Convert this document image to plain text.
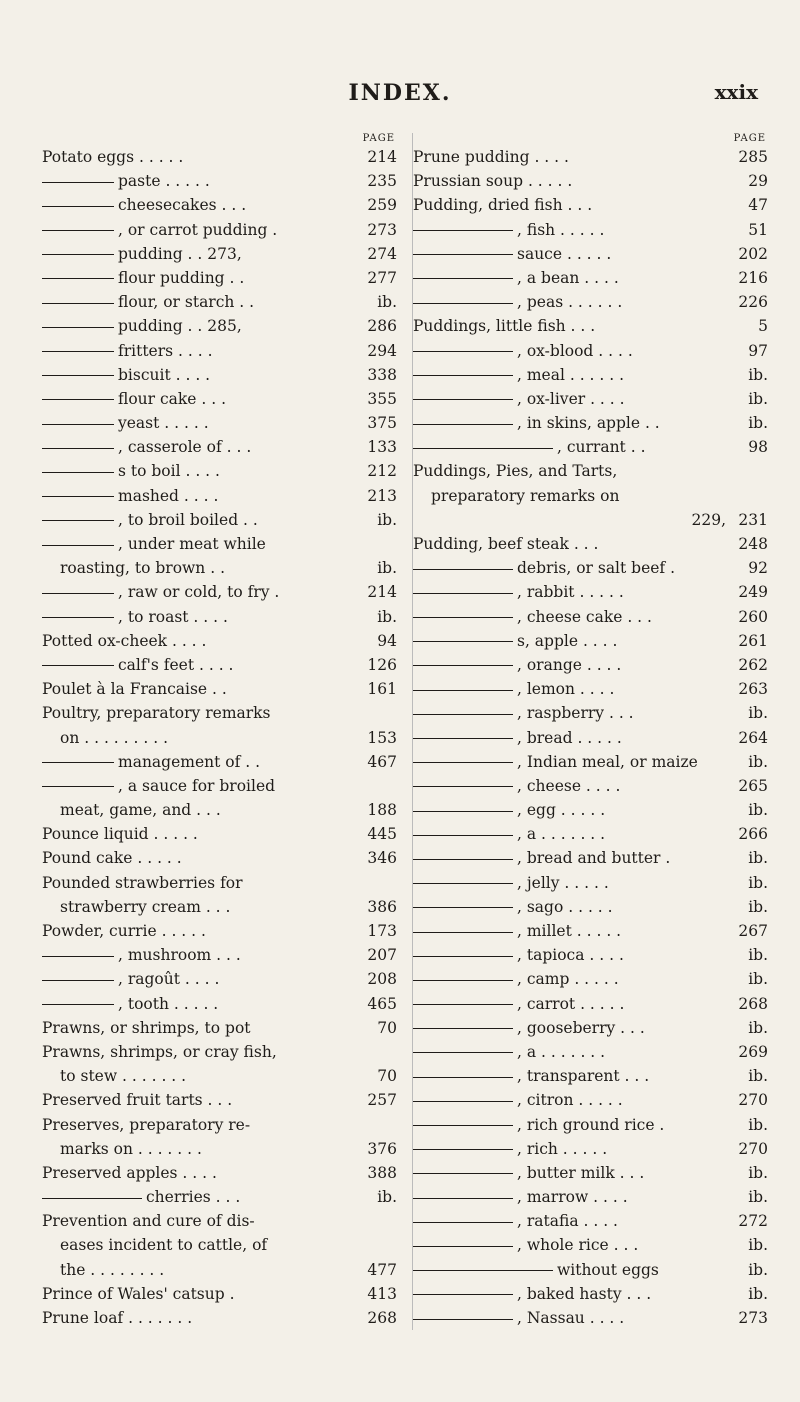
INDEX.	xxix
PAGE
Potato eggs . . . . .	214
paste . . . . .	235
cheesecakes . . .	259
, or carrot pudding .	273
pudding . . 273,	274
flour pudding . .	277
flour, or starch . .	ib.
pudding . . 285,	286
fritters . . . .	294
biscuit . . . .	338
flour cake . . .	355
yeast . . . . .	375
, casserole of . . .	133
s to boil . . . .	212
mashed . . . .	213
, to broil boiled . .	ib.
, under meat while
roasting, to brown . .	ib.
, raw or cold, to fry .	214
, to roast . . . .	ib.
Potted ox-cheek . . . .	94
calf's feet . . . .	126
Poulet à la Francaise . .	161
Poultry, preparatory remarks
on . . . . . . . . .	153
management of . .	467
, a sauce for broiled
meat, game, and . . .	188
Pounce liquid . . . . .	445
Pound cake . . . . .	346
Pounded strawberries for
strawberry cream . . .	386
Powder, currie . . . . .	173
, mushroom . . .	207
, ragoût . . . .	208
, tooth . . . . .	465
Prawns, or shrimps, to pot	70
Prawns, shrimps, or cray fish,
to stew . . . . . . .	70
Preserved fruit tarts . . .	257
Preserves, preparatory re-
marks on . . . . . . .	376
Preserved apples . . . .	388
cherries . . .	ib.
Prevention and cure of dis-
eases incident to cattle, of
the . . . . . . . .	477
Prince of Wales' catsup .	413
Prune loaf . . . . . . .	268
PAGE
Prune pudding . . . .	285
Prussian soup . . . . .	29
Pudding, dried fish . . .	47
, fish . . . . .	51
sauce . . . . .	202
, a bean . . . .	216
, peas . . . . . .	226
Puddings, little fish . . .	5
, ox-blood . . . .	97
, meal . . . . . .	ib.
, ox-liver . . . .	ib.
, in skins, apple . .	ib.
, currant . .	98
Puddings, Pies, and Tarts,
preparatory remarks on
229, 231
Pudding, beef steak . . .	248
debris, or salt beef .	92
, rabbit . . . . .	249
, cheese cake . . .	260
s, apple . . . .	261
, orange . . . .	262
, lemon . . . .	263
, raspberry . . .	ib.
, bread . . . . .	264
, Indian meal, or maize	ib.
, cheese . . . .	265
, egg . . . . .	ib.
, a . . . . . . .	266
, bread and butter .	ib.
, jelly . . . . .	ib.
, sago . . . . .	ib.
, millet . . . . .	267
, tapioca . . . .	ib.
, camp . . . . .	ib.
, carrot . . . . .	268
, gooseberry . . .	ib.
, a . . . . . . .	269
, transparent . . .	ib.
, citron . . . . .	270
, rich ground rice .	ib.
, rich . . . . .	270
, butter milk . . .	ib.
, marrow . . . .	ib.
, ratafia . . . .	272
, whole rice . . .	ib.
without eggs	ib.
, baked hasty . . .	ib.
, Nassau . . . .	273
